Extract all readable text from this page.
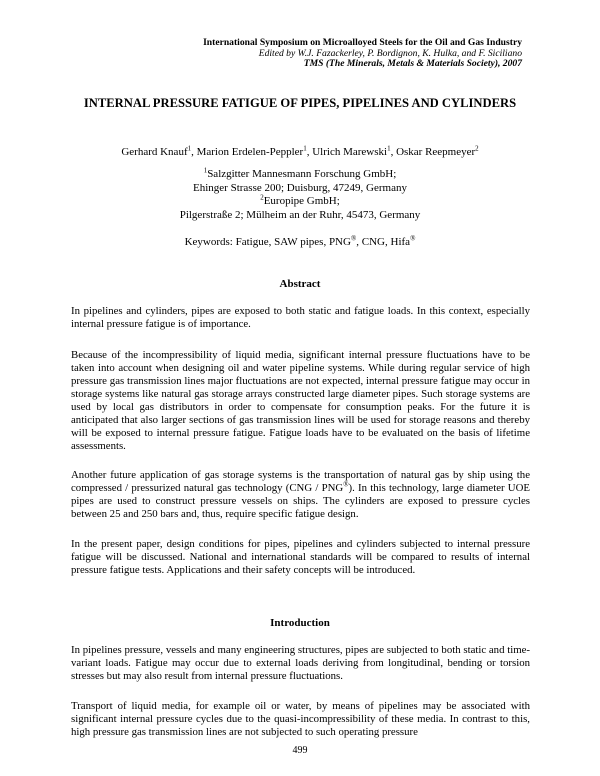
International Symposium on Microalloyed Steels for the Oil and Gas Industry
Edited by W.J. Fazackerley, P. Bordignon, K. Hulka, and F. Siciliano
TMS (The Minerals, Metals & Materials Society), 2007
INTERNAL PRESSURE FATIGUE OF PIPES, PIPELINES AND CYLINDERS
Gerhard Knauf$^1$, Marion Erdelen-Peppler$^1$, Ulrich Marewski$^1$, Oskar Reepmeyer$^2$
$^1$Salzgitter Mannesmann Forschung GmbH;
Ehinger Strasse 200; Duisburg, 47249, Germany
$^2$Europipe GmbH;
Pilgerstraße 2; Mülheim an der Ruhr, 45473, Germany
Keywords: Fatigue, SAW pipes, PNG®, CNG, Hifa®
Abstract

In pipelines and cylinders, pipes are exposed to both static and fatigue loads. In this context, especially internal pressure fatigue is of importance.

Because of the incompressibility of liquid media, significant internal pressure fluctuations have to be taken into account when designing oil and water pipeline systems. While during regular service of high pressure gas transmission lines major fluctuations are not expected, internal pressure fatigue may occur in storage systems like natural gas storage arrays constructed large diameter pipes. Such storage systems are used by local gas distributors in order to compensate for consumption peaks. For the future it is anticipated that also larger sections of gas transmission lines will be used for storage reasons and thereby will be exposed to internal pressure fatigue. Fatigue loads have to be evaluated on the basis of lifetime assessments.

Another future application of gas storage systems is the transportation of natural gas by ship using the compressed / pressurized natural gas technology (CNG / PNG®). In this technology, large diameter UOE pipes are used to construct pressure vessels on ships. The cylinders are exposed to pressure cycles between 25 and 250 bars and, thus, require specific fatigue design.

In the present paper, design conditions for pipes, pipelines and cylinders subjected to internal pressure fatigue will be discussed. National and international standards will be compared to results of internal pressure fatigue tests. Applications and their safety concepts will be introduced.

Introduction

In pipelines pressure, vessels and many engineering structures, pipes are subjected to both static and time-variant loads. Fatigue may occur due to external loads deriving from longitudinal, bending or torsion stresses but may also result from internal pressure fluctuations.

Transport of liquid media, for example oil or water, by means of pipelines may be associated with significant internal pressure cycles due to the quasi-incompressibility of these media. In contrast to this, high pressure gas transmission lines are not subjected to such operating pressure

499
